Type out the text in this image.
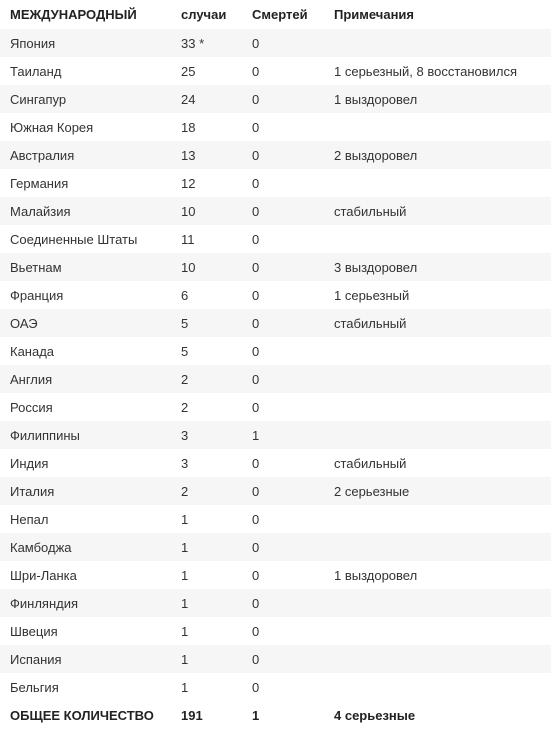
МЕЖДУНАРОДНЫЙ	случаи	Смертей	Примечания
Япония	33 *	0	
Таиланд	25	0	1 серьезный, 8 восстановился
Сингапур	24	0	1 выздоровел
Южная Корея	18	0	
Австралия	13	0	2 выздоровел
Германия	12	0	
Малайзия	10	0	стабильный
Соединенные Штаты	11	0	
Вьетнам	10	0	3 выздоровел
Франция	6	0	1 серьезный
ОАЭ	5	0	стабильный
Канада	5	0	
Англия	2	0	
Россия	2	0	
Филиппины	3	1	
Индия	3	0	стабильный
Италия	2	0	2 серьезные
Непал	1	0	
Камбоджа	1	0	
Шри-Ланка	1	0	1 выздоровел
Финляндия	1	0	
Швеция	1	0	
Испания	1	0	
Бельгия	1	0	
ОБЩЕЕ КОЛИЧЕСТВО	191	1	4 серьезные
